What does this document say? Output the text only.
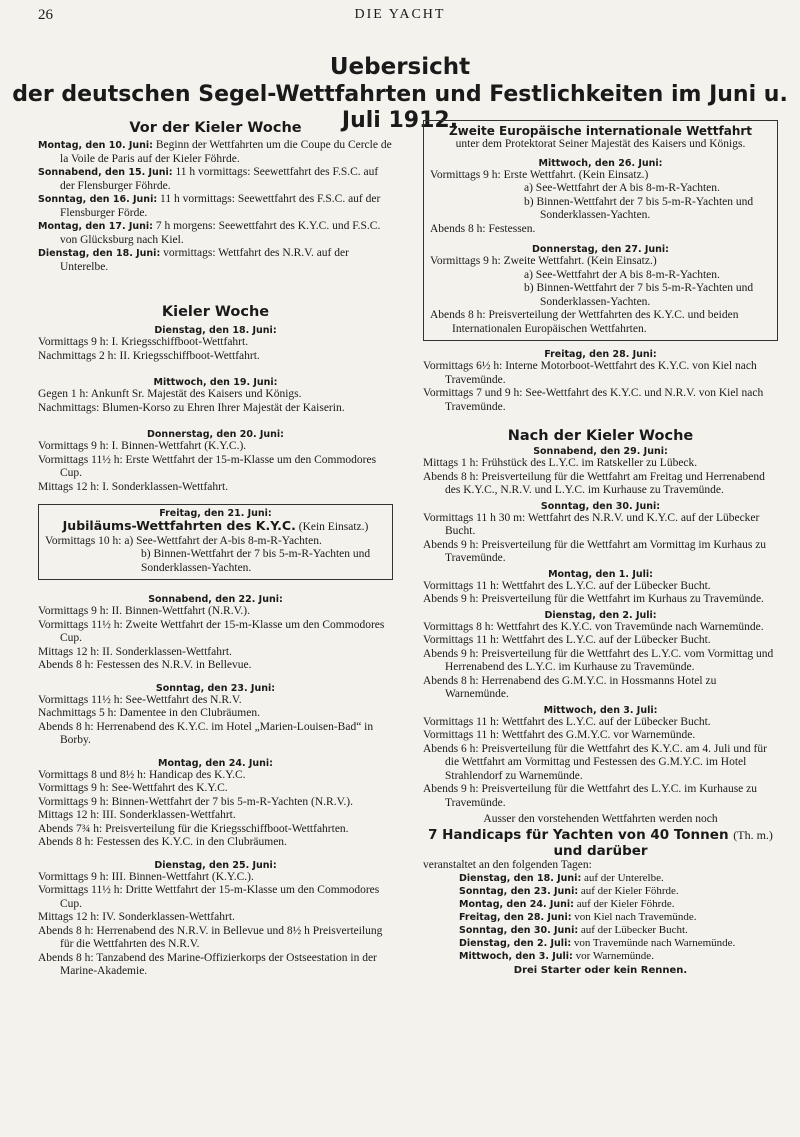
26	DIE YACHT
Uebersicht
der deutschen Segel-Wettfahrten und Festlichkeiten im Juni u. Juli 1912.

Vor der Kieler Woche

Montag, den 10. Juni: Beginn der Wettfahrten um die Coupe du Cercle de la Voile de Paris auf der Kieler Föhrde.

Sonnabend, den 15. Juni: 11 h vormittags: Seewettfahrt des F.S.C. auf der Flensburger Föhrde.

Sonntag, den 16. Juni: 11 h vormittags: Seewettfahrt des F.S.C. auf der Flensburger Förde.

Montag, den 17. Juni: 7 h morgens: Seewettfahrt des K.Y.C. und F.S.C. von Glücksburg nach Kiel.

Dienstag, den 18. Juni: vormittags: Wettfahrt des N.R.V. auf der Unterelbe.

Kieler Woche

Dienstag, den 18. Juni:

Vormittags 9 h: I. Kriegsschiffboot-Wettfahrt.

Nachmittags 2 h: II. Kriegsschiffboot-Wettfahrt.

Mittwoch, den 19. Juni:

Gegen 1 h: Ankunft Sr. Majestät des Kaisers und Königs.

Nachmittags: Blumen-Korso zu Ehren Ihrer Majestät der Kaiserin.

Donnerstag, den 20. Juni:

Vormittags 9 h: I. Binnen-Wettfahrt (K.Y.C.).

Vormittags 11½ h: Erste Wettfahrt der 15-m-Klasse um den Commodores Cup.

Mittags 12 h: I. Sonderklassen-Wettfahrt.

Freitag, den 21. Juni:

Jubiläums-Wettfahrten des K.Y.C. (Kein Einsatz.)

Vormittags 10 h: a) See-Wettfahrt der A-bis 8-m-R-Yachten.

b) Binnen-Wettfahrt der 7 bis 5-m-R-Yachten und Sonderklassen-Yachten.

Sonnabend, den 22. Juni:

Vormittags 9 h: II. Binnen-Wettfahrt (N.R.V.).

Vormittags 11½ h: Zweite Wettfahrt der 15-m-Klasse um den Commodores Cup.

Mittags 12 h: II. Sonderklassen-Wettfahrt.

Abends 8 h: Festessen des N.R.V. in Bellevue.

Sonntag, den 23. Juni:

Vormittags 11½ h: See-Wettfahrt des N.R.V.

Nachmittags 5 h: Damentee in den Clubräumen.

Abends 8 h: Herrenabend des K.Y.C. im Hotel „Marien-Louisen-Bad“ in Borby.

Montag, den 24. Juni:

Vormittags 8 und 8½ h: Handicap des K.Y.C.

Vormittags 9 h: See-Wettfahrt des K.Y.C.

Vormittags 9 h: Binnen-Wettfahrt der 7 bis 5-m-R-Yachten (N.R.V.).

Mittags 12 h: III. Sonderklassen-Wettfahrt.

Abends 7¾ h: Preisverteilung für die Kriegsschiffboot-Wettfahrten.

Abends 8 h: Festessen des K.Y.C. in den Clubräumen.

Dienstag, den 25. Juni:

Vormittags 9 h: III. Binnen-Wettfahrt (K.Y.C.).

Vormittags 11½ h: Dritte Wettfahrt der 15-m-Klasse um den Commodores Cup.

Mittags 12 h: IV. Sonderklassen-Wettfahrt.

Abends 8 h: Herrenabend des N.R.V. in Bellevue und 8½ h Preisverteilung für die Wettfahrten des N.R.V.

Abends 8 h: Tanzabend des Marine-Offizierkorps der Ostseestation in der Marine-Akademie.

Zweite Europäische internationale Wettfahrt

unter dem Protektorat Seiner Majestät des Kaisers und Königs.

Mittwoch, den 26. Juni:

Vormittags 9 h: Erste Wettfahrt. (Kein Einsatz.)

a) See-Wettfahrt der A bis 8-m-R-Yachten.

b) Binnen-Wettfahrt der 7 bis 5-m-R-Yachten und Sonderklassen-Yachten.

Abends 8 h: Festessen.

Donnerstag, den 27. Juni:

Vormittags 9 h: Zweite Wettfahrt. (Kein Einsatz.)

a) See-Wettfahrt der A bis 8-m-R-Yachten.

b) Binnen-Wettfahrt der 7 bis 5-m-R-Yachten und Sonderklassen-Yachten.

Abends 8 h: Preisverteilung der Wettfahrten des K.Y.C. und beiden Internationalen Europäischen Wettfahrten.

Freitag, den 28. Juni:

Vormittags 6½ h: Interne Motorboot-Wettfahrt des K.Y.C. von Kiel nach Travemünde.

Vormittags 7 und 9 h: See-Wettfahrt des K.Y.C. und N.R.V. von Kiel nach Travemünde.

Nach der Kieler Woche

Sonnabend, den 29. Juni:

Mittags 1 h: Frühstück des L.Y.C. im Ratskeller zu Lübeck.

Abends 8 h: Preisverteilung für die Wettfahrt am Freitag und Herrenabend des K.Y.C., N.R.V. und L.Y.C. im Kurhause zu Travemünde.

Sonntag, den 30. Juni:

Vormittags 11 h 30 m: Wettfahrt des N.R.V. und K.Y.C. auf der Lübecker Bucht.

Abends 9 h: Preisverteilung für die Wettfahrt am Vormittag im Kurhaus zu Travemünde.

Montag, den 1. Juli:

Vormittags 11 h: Wettfahrt des L.Y.C. auf der Lübecker Bucht.

Abends 9 h: Preisverteilung für die Wettfahrt im Kurhaus zu Travemünde.

Dienstag, den 2. Juli:

Vormittags 8 h: Wettfahrt des K.Y.C. von Travemünde nach Warnemünde.

Vormittags 11 h: Wettfahrt des L.Y.C. auf der Lübecker Bucht.

Abends 9 h: Preisverteilung für die Wettfahrt des L.Y.C. vom Vormittag und Herrenabend des L.Y.C. im Kurhause zu Travemünde.

Abends 8 h: Herrenabend des G.M.Y.C. in Hossmanns Hotel zu Warnemünde.

Mittwoch, den 3. Juli:

Vormittags 11 h: Wettfahrt des L.Y.C. auf der Lübecker Bucht.

Vormittags 11 h: Wettfahrt des G.M.Y.C. vor Warnemünde.

Abends 6 h: Preisverteilung für die Wettfahrt des K.Y.C. am 4. Juli und für die Wettfahrt am Vormittag und Festessen des G.M.Y.C. im Hotel Strahlendorf zu Warnemünde.

Abends 9 h: Preisverteilung für die Wettfahrt des L.Y.C. im Kurhause zu Travemünde.

Ausser den vorstehenden Wettfahrten werden noch

7 Handicaps für Yachten von 40 Tonnen (Th. m.)

und darüber

veranstaltet an den folgenden Tagen:

Dienstag, den 18. Juni: auf der Unterelbe.

Sonntag, den 23. Juni: auf der Kieler Föhrde.

Montag, den 24. Juni: auf der Kieler Föhrde.

Freitag, den 28. Juni: von Kiel nach Travemünde.

Sonntag, den 30. Juni: auf der Lübecker Bucht.

Dienstag, den 2. Juli: von Travemünde nach Warnemünde.

Mittwoch, den 3. Juli: vor Warnemünde.

Drei Starter oder kein Rennen.
